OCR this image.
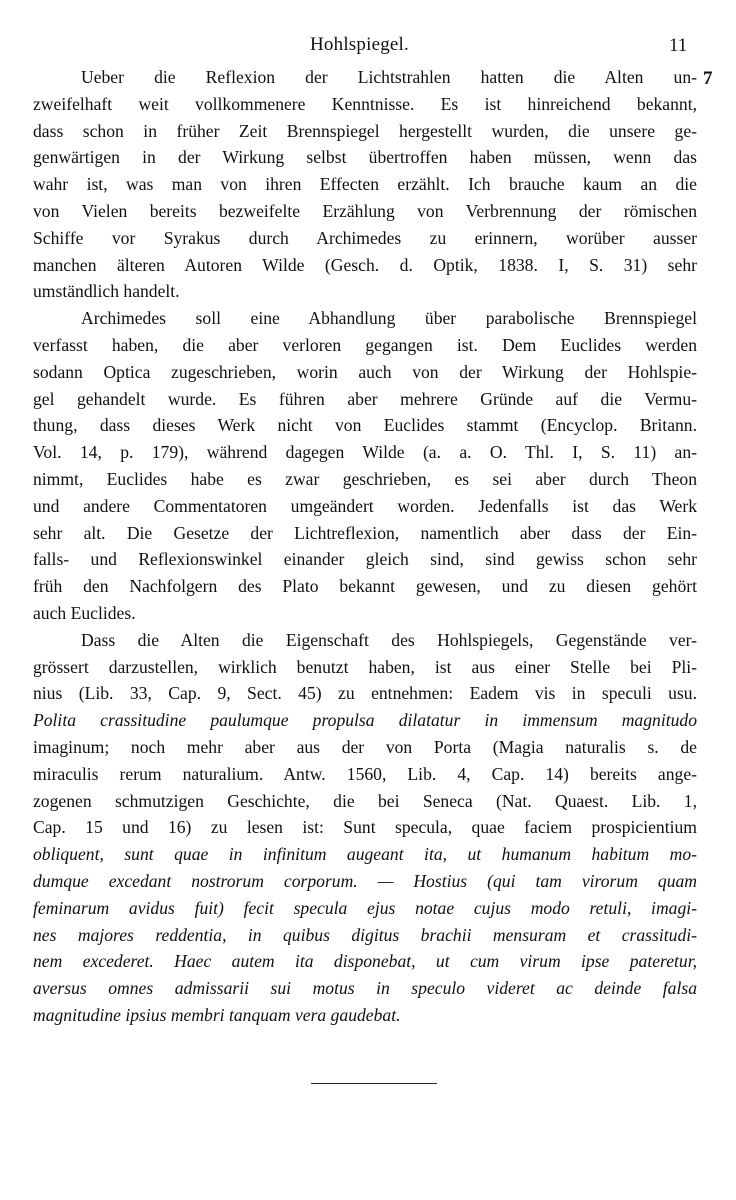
Hohlspiegel.	11
7
Ueber die Reflexion der Lichtstrahlen hatten die Alten un-
zweifelhaft weit vollkommenere Kenntnisse. Es ist hinreichend bekannt,
dass schon in früher Zeit Brennspiegel hergestellt wurden, die unsere ge-
genwärtigen in der Wirkung selbst übertroffen haben müssen, wenn das
wahr ist, was man von ihren Effecten erzählt. Ich brauche kaum an die
von Vielen bereits bezweifelte Erzählung von Verbrennung der römischen
Schiffe vor Syrakus durch Archimedes zu erinnern, worüber ausser
manchen älteren Autoren Wilde (Gesch. d. Optik, 1838. I, S. 31) sehr
umständlich handelt.
Archimedes soll eine Abhandlung über parabolische Brennspiegel
verfasst haben, die aber verloren gegangen ist. Dem Euclides werden
sodann Optica zugeschrieben, worin auch von der Wirkung der Hohlspie-
gel gehandelt wurde. Es führen aber mehrere Gründe auf die Vermu-
thung, dass dieses Werk nicht von Euclides stammt (Encyclop. Britann.
Vol. 14, p. 179), während dagegen Wilde (a. a. O. Thl. I, S. 11) an-
nimmt, Euclides habe es zwar geschrieben, es sei aber durch Theon
und andere Commentatoren umgeändert worden. Jedenfalls ist das Werk
sehr alt. Die Gesetze der Lichtreflexion, namentlich aber dass der Ein-
falls- und Reflexionswinkel einander gleich sind, sind gewiss schon sehr
früh den Nachfolgern des Plato bekannt gewesen, und zu diesen gehört
auch Euclides.
Dass die Alten die Eigenschaft des Hohlspiegels, Gegenstände ver-
grössert darzustellen, wirklich benutzt haben, ist aus einer Stelle bei Pli-
nius (Lib. 33, Cap. 9, Sect. 45) zu entnehmen: Eadem vis in speculi usu.
Polita crassitudine paulumque propulsa dilatatur in immensum magnitudo
imaginum; noch mehr aber aus der von Porta (Magia naturalis s. de
miraculis rerum naturalium. Antw. 1560, Lib. 4, Cap. 14) bereits ange-
zogenen schmutzigen Geschichte, die bei Seneca (Nat. Quaest. Lib. 1,
Cap. 15 und 16) zu lesen ist: Sunt specula, quae faciem prospicientium
obliquent, sunt quae in infinitum augeant ita, ut humanum habitum mo-
dumque excedant nostrorum corporum. — Hostius (qui tam virorum quam
feminarum avidus fuit) fecit specula ejus notae cujus modo retuli, imagi-
nes majores reddentia, in quibus digitus brachii mensuram et crassitudi-
nem excederet. Haec autem ita disponebat, ut cum virum ipse pateretur,
aversus omnes admissarii sui motus in speculo videret ac deinde falsa
magnitudine ipsius membri tanquam vera gaudebat.
